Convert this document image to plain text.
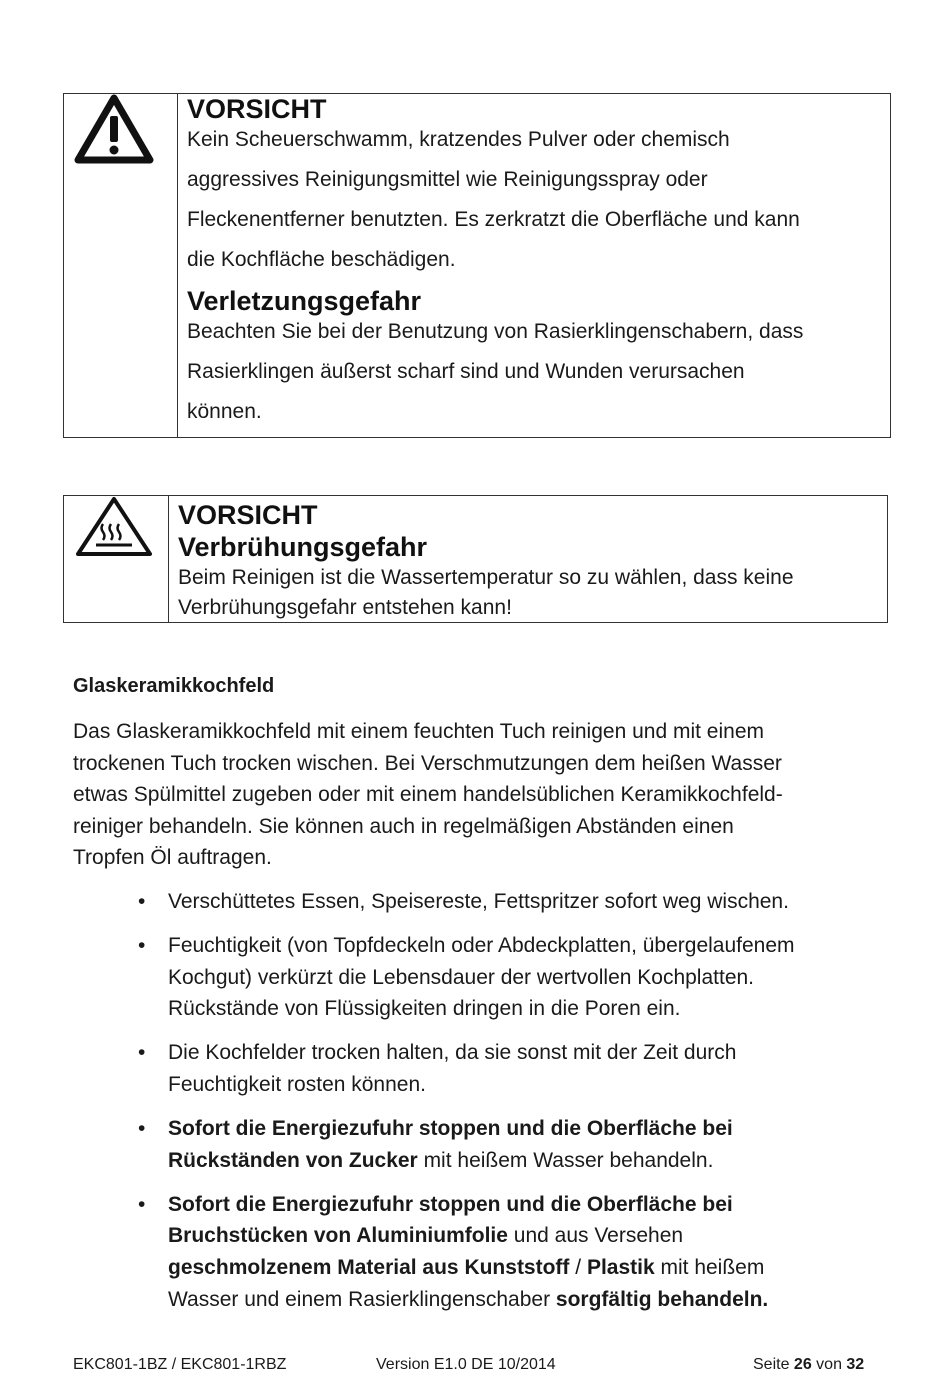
VORSICHT
Kein Scheuerschwamm, kratzendes Pulver oder chemisch
aggressives Reinigungsmittel wie Reinigungsspray oder
Fleckenentferner benutzten. Es zerkratzt die Oberfläche und kann
die Kochfläche beschädigen.
Verletzungsgefahr
Beachten Sie bei der Benutzung von Rasierklingenschabern, dass
Rasierklingen äußerst scharf sind und Wunden verursachen
können.
VORSICHT
Verbrühungsgefahr
Beim Reinigen ist die Wassertemperatur so zu wählen, dass keine
Verbrühungsgefahr entstehen kann!
Glaskeramikkochfeld
Das Glaskeramikkochfeld mit einem feuchten Tuch reinigen und mit einem
trockenen Tuch trocken wischen. Bei Verschmutzungen dem heißen Wasser
etwas Spülmittel zugeben oder mit einem handelsüblichen Keramikkochfeld-
reiniger behandeln. Sie können auch in regelmäßigen Abständen einen
Tropfen Öl auftragen.
• Verschüttetes Essen, Speisereste, Fettspritzer sofort weg wischen.
• Feuchtigkeit (von Topfdeckeln oder Abdeckplatten, übergelaufenem
Kochgut) verkürzt die Lebensdauer der wertvollen Kochplatten.
Rückstände von Flüssigkeiten dringen in die Poren ein.
• Die Kochfelder trocken halten, da sie sonst mit der Zeit durch
Feuchtigkeit rosten können.
• Sofort die Energiezufuhr stoppen und die Oberfläche bei
Rückständen von Zucker mit heißem Wasser behandeln.
• Sofort die Energiezufuhr stoppen und die Oberfläche bei
Bruchstücken von Aluminiumfolie und aus Versehen
geschmolzenem Material aus Kunststoff / Plastik mit heißem
Wasser und einem Rasierklingenschaber sorgfältig behandeln.
EKC801-1BZ / EKC801-1RBZ	Version E1.0 DE 10/2014	Seite 26 von 32
